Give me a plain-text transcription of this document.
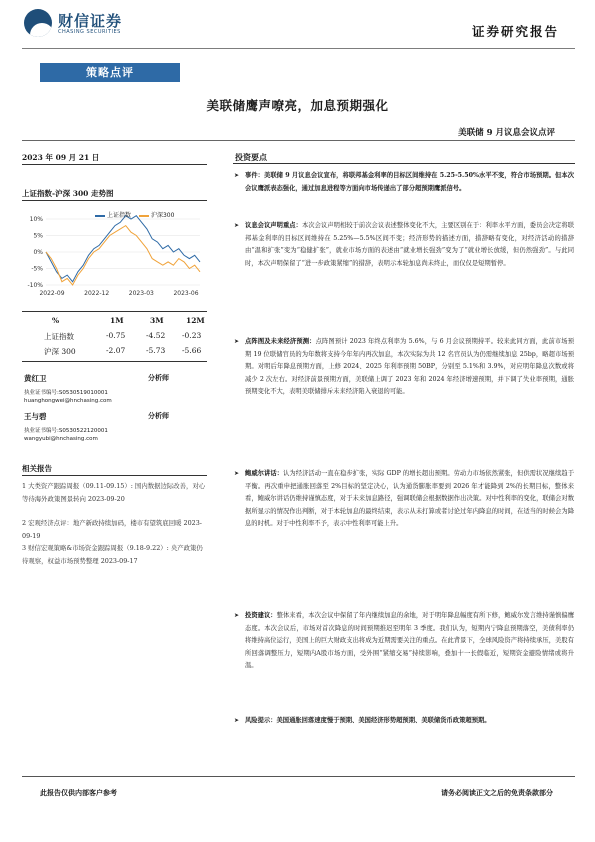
财信证券
CHASING SECURITIES	证券研究报告
策略点评
美联储鹰声嘹亮，加息预期强化
美联储 9 月议息会议点评
2023 年 09 月 21 日
上证指数-沪深 300 走势图
10%
5%
0%
-5%
-10%
2022-09	2022-12	2023-03	2023-06
上证指数	沪深300
%	1M	3M	12M
上证指数	-0.75	-4.52 -0.23
沪深 300	-2.07	-5.73 -5.66
黄红卫	分析师
执业证书编号:S0530519010001
huanghongwei@hnchasing.com
王与碧	分析师
执业证书编号:S0530522120001
wangyubi@hnchasing.com
相关报告
1 大类资产跟踪周报（09.11-09.15）: 国内数据边际改善，对心等待海外政策图景转向 2023-09-20
2 宏观经济点评：地产新政持续加码，楼市有望筑底回暖 2023-09-19
3 财信宏观策略&市场资金跟踪周报（9.18-9.22）: 央产政策仍待观察，权益市场预势整理 2023-09-17
投资要点
➤ 事件：美联储 9 月议息会议宣布，将联邦基金利率的目标区间维持在 5.25-5.50%水平不变，符合市场预期。但本次会议鹰派表态强化，通过加息进程等方面向市场传递出了部分超预期鹰派信号。
➤ 议息会议声明重点：本次会议声明相较于前次会议表述整体变化不大，主要区别在于：利率水平方面，委员会决定将联邦基金利率的目标区间维持在 5.25%—5.5%区间不变；经济形势的描述方面，措辞略有变化，对经济活动的措辞由“温和扩张”变为“稳健扩张”，就业市场方面的表述由“就业增长强劲”变为了“就业增长放缓，但仍然强劲”。与此同时，本次声明保留了“进一步政策紧缩”的措辞，表明示本轮加息尚未终止，而仅仅是短期暂停。
➤ 点阵图及未来经济预测：点阵图预计 2023 年终点利率为 5.6%，与 6 月会议预期持平。较来此同方面，此前市场预期 19 位联储官员的为年数将支持今年年内再次加息，本次实际为共 12 名官员认为仍需继续加息 25bp，略超市场预期。对明后年降息预期方面，上修 2024、2025 年利率预期 50BP，分别至 5.1%和 3.9%，对应明年降息次数或将减少 2 次左右。对经济前景预期方面，美联储上调了 2023 年和 2024 年经济增速预期，并下调了失业率预期，通胀预期变化不大，表明美联储排斥未来经济陷入衰退的可能。
➤ 鲍威尔讲话：认为经济活动一直在稳步扩张，实际 GDP 的增长超出预期。劳动力市场依然紧张，但供需状况继续趋于平衡。再次重申把通胀回落至 2%目标的坚定决心，认为通货膨胀率要到 2026 年才能降到 2%的长期目标，整体来看，鲍威尔讲话仍维持谨慎态度，对于未来加息路径，强调联储会根据数据作出决策。对中性利率的变化，联储会对数据所显示的情况作出判断，对于本轮加息的最终结束，表示从未打算或者讨论过年内降息的时间，在适当的时候会为降息的时机。对于中性利率不予，表示中性利率可能上升。
➤ 投资建议：整体来看，本次会议中保留了年内继续加息的余地，对于明年降息幅度有所下修，鲍威尔发言维持谨慎偏鹰态度。本次会议后，市场对首次降息的时间预期推迟至明年 3 季度。我们认为，短期内宁降息预期落空，美债利率仍将维持高位运行，美国上的巨大财政支出将成为近期需要关注的重点。在此背景下，全球风险资产将持续承压，美股有所回落调整压力，短期内A股市场方面，受外围“紧缩交易”持续影响，叠加十一长假临近，短期资金避险情绪或将升温。
➤ 风险提示：美国通胀回落速度慢于预期、美国经济形势超预期、美联储货币政策超预期。
此报告仅供内部客户参考	请务必阅读正文之后的免责条款部分
